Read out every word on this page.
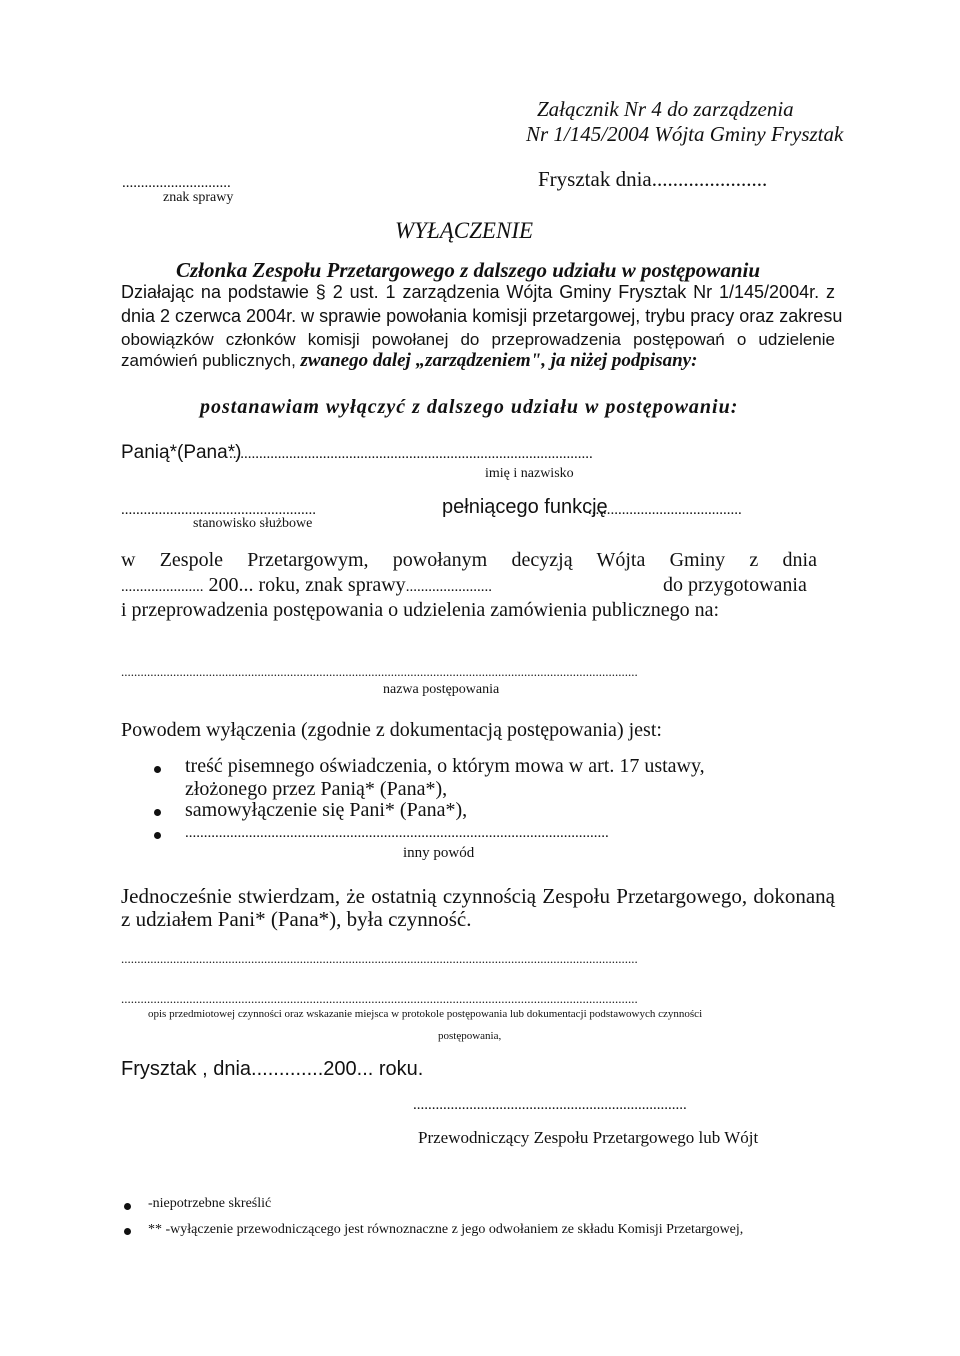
Załącznik Nr 4 do zarządzenia
Nr 1/145/2004 Wójta Gminy Frysztak
.............................
znak sprawy
Frysztak dnia......................
WYŁĄCZENIE
Członka Zespołu Przetargowego z dalszego udziału w postępowaniu
Działając na podstawie § 2 ust. 1 zarządzenia Wójta Gminy Frysztak Nr 1/145/2004r. z
dnia 2 czerwca 2004r. w sprawie powołania komisji przetargowej, trybu pracy oraz zakresu
obowiązków członków komisji powołanej do przeprowadzenia postępowań o udzielenie
zamówień publicznych, zwanego dalej „zarządzeniem", ja niżej podpisany:
postanawiam wyłączyć z dalszego udziału w postępowaniu:
Panią*(Pana*)
.................................................................................................
imię i nazwisko
....................................................	pełniącego funkcję
.........................................
stanowisko służbowe
w Zespole Przetargowym, powołanym decyzją Wójta Gminy z dnia
...................... 200... roku, znak sprawy.......................	do przygotowania
i przeprowadzenia postępowania o udzielenia zamówienia publicznego na:
...............................................................................................................................................................
nazwa postępowania
Powodem wyłączenia (zgodnie z dokumentacją postępowania) jest:
treść pisemnego oświadczenia, o którym mowa w art. 17 ustawy,
złożonego przez Panią* (Pana*),
samowyłączenie się Pani* (Pana*),
.................................................................................................................
inny powód
Jednocześnie stwierdzam, że ostatnią czynnością Zespołu Przetargowego, dokonaną
z udziałem Pani* (Pana*), była czynność.
...............................................................................................................................................................
...............................................................................................................................................................
opis przedmiotowej czynności oraz wskazanie miejsca w protokole postępowania lub dokumentacji podstawowych czynności
postępowania,
Frysztak , dnia.............200... roku.
.........................................................................
Przewodniczący Zespołu Przetargowego lub Wójt
-niepotrzebne skreślić
** -wyłączenie przewodniczącego jest równoznaczne z jego odwołaniem ze składu Komisji Przetargowej,
